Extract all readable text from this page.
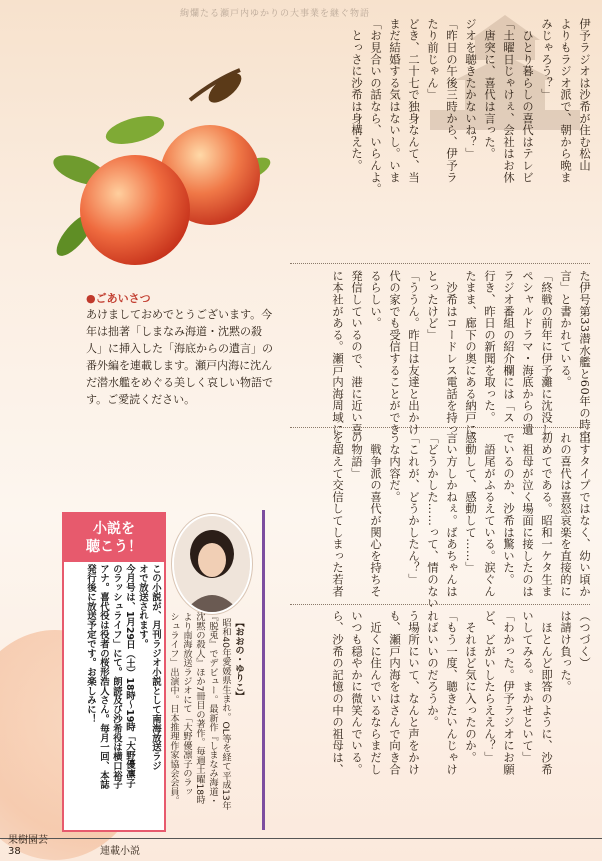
絢爛たる瀬戸内ゆかりの大事業を継ぐ物語
●ごあいさつ
あけましておめでとうございます。今年は拙著「しまなみ海道・沈黙の殺人」に挿入した「海底からの遺言」の番外編を連載します。瀬戸内海に沈んだ潜水艦をめぐる美しく哀しい物語です。ご愛読ください。
伊予ラジオは沙希が住む松山
よりもラジオ派で、朝から晩ま
みじゃろう？」
　ひとり暮らしの喜代はテレビ
「土曜日じゃけぇ、会社はお休
　唐突に、喜代は言った。
ジオを聴きたかないね？」
「昨日の午後三時から、伊予ラ
たり前じゃん」
どき、二十七で独身なんて、当
まだ結婚する気はないし。いま
「お見合いの話なら、いらんよ。
　とっさに沙希は身構えた。
た伊号第33潜水艦と60年の時空
言」と書かれている。
「終戦の前年に伊予灘に沈没し
ペシャルドラマ・海底からの遺
ラジオ番組の紹介欄には「ス
行き、昨日の新聞を取った。
たまま、廊下の奥にある納戸に
　沙希はコードレス電話を持っ
とったけど」
「ううん。昨日は友達と出かけ
代の家でも受信することができ
るらしい。
発信しているので、港に近い喜
に本社がある。瀬戸内海周域に
出すタイプではなく、幼い頃か
れの喜代は喜怒哀楽を直接的に
初めてである。昭和一ケタ生ま
　祖母が泣く場面に接したのは
でいるのか、沙希は驚いた。
　語尾がふるえている。涙ぐん
感動して、感動して……」
言い方しかねぇ。ばあちゃんは
「どうかした……って、情のない
「これが、どうかしたん？」
うな内容だ。
　戦争派の喜代が関心を持ちそ
の物語」
を超えて交信してしまった若者
（つづく）
は請け負った。
　ほとんど即答のように、沙希
いしてみる。まかせといて」
「わかった。伊予ラジオにお願
ど、どがいしたらええん？」
　それほど気に入ったのか。
「もう一度、聴きたいんじゃけ
ればいいのだろうか。
う場所にいて、なんと声をかけ
も、瀬戸内海をはさんで向き合
　近くに住んでいるならまだし
いつも穏やかに微笑んでいる。
ら、沙希の記憶の中の祖母は、
小説を
聴こう！
この小説が、月刊ラジオ小説として南海放送ラジ
オで放送されます。
今月号は、1月29日（土）18時〜19時「大野優凛子
のラッシュライフ」にて。朗読及び沙希役は横口裕子
アナ。喜代役は役者の桜形浩人さん。毎月一回、本誌
発行後に放送予定です。お楽しみに！	【おおの・ゆりこ】
昭和40年愛媛県生まれ。OL等を経て平成13年
『脱兎』でデビュー。最新作『しまなみ海道・
沈黙の殺人』ほか7冊目の著作。毎週土曜18時
より南海放送ラジオにて「大野優凛子のラッ
シュライフ」出演中。日本推理作家協会会員。

果樹園芸
38	連載小説
